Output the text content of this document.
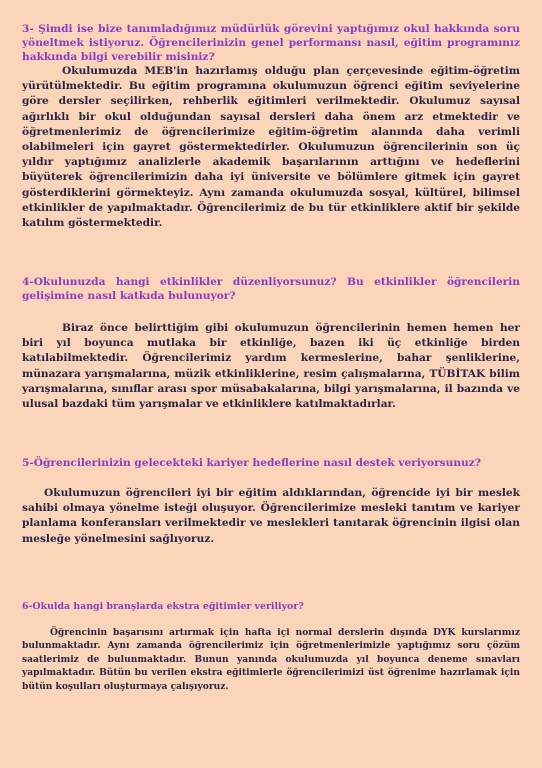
3- Şimdi ise bize tanımladığımız müdürlük görevini yaptığımız okul hakkında soru yöneltmek istiyoruz. Öğrencilerinizin genel performansı nasıl, eğitim programınız hakkında bilgi verebilir misiniz?

Okulumuzda MEB'in hazırlamış olduğu plan çerçevesinde eğitim-öğretim yürütülmektedir. Bu eğitim programına okulumuzun öğrenci eğitim seviyelerine göre dersler seçilirken, rehberlik eğitimleri verilmektedir. Okulumuz sayısal ağırlıklı bir okul olduğundan sayısal dersleri daha önem arz etmektedir ve öğretmenlerimiz de öğrencilerimize eğitim-öğretim alanında daha verimli olabilmeleri için gayret göstermektedirler. Okulumuzun öğrencilerinin son üç yıldır yaptığımız analizlerle akademik başarılarının arttığını ve hedeflerini büyüterek öğrencilerimizin daha iyi üniversite ve bölümlere gitmek için gayret gösterdiklerini görmekteyiz. Aynı zamanda okulumuzda sosyal, kültürel, bilimsel etkinlikler de yapılmaktadır. Öğrencilerimiz de bu tür etkinliklere aktif bir şekilde katılım göstermektedir.

4-Okulunuzda hangi etkinlikler düzenliyorsunuz? Bu etkinlikler öğrencilerin gelişimine nasıl katkıda bulunuyor?

Biraz önce belirttiğim gibi okulumuzun öğrencilerinin hemen hemen her biri yıl boyunca mutlaka bir etkinliğe, bazen iki üç etkinliğe birden katılabilmektedir. Öğrencilerimiz yardım kermeslerine, bahar şenliklerine, münazara yarışmalarına, müzik etkinliklerine, resim çalışmalarına, TÜBİTAK bilim yarışmalarına, sınıflar arası spor müsabakalarına, bilgi yarışmalarına, il bazında ve ulusal bazdaki tüm yarışmalar ve etkinliklere katılmaktadırlar.

5-Öğrencilerinizin gelecekteki kariyer hedeflerine nasıl destek veriyorsunuz?

Okulumuzun öğrencileri iyi bir eğitim aldıklarından, öğrencide iyi bir meslek sahibi olmaya yönelme isteği oluşuyor. Öğrencilerimize mesleki tanıtım ve kariyer planlama konferansları verilmektedir ve meslekleri tanıtarak öğrencinin ilgisi olan mesleğe yönelmesini sağlıyoruz.

6-Okulda hangi branşlarda ekstra eğitimler veriliyor?

Öğrencinin başarısını artırmak için hafta içi normal derslerin dışında DYK kurslarımız bulunmaktadır. Aynı zamanda öğrencilerimiz için öğretmenlerimizle yaptığımız soru çözüm saatlerimiz de bulunmaktadır. Bunun yanında okulumuzda yıl boyunca deneme sınavları yapılmaktadır. Bütün bu verilen ekstra eğitimlerle öğrencilerimizi üst öğrenime hazırlamak için bütün koşulları oluşturmaya çalışıyoruz.
